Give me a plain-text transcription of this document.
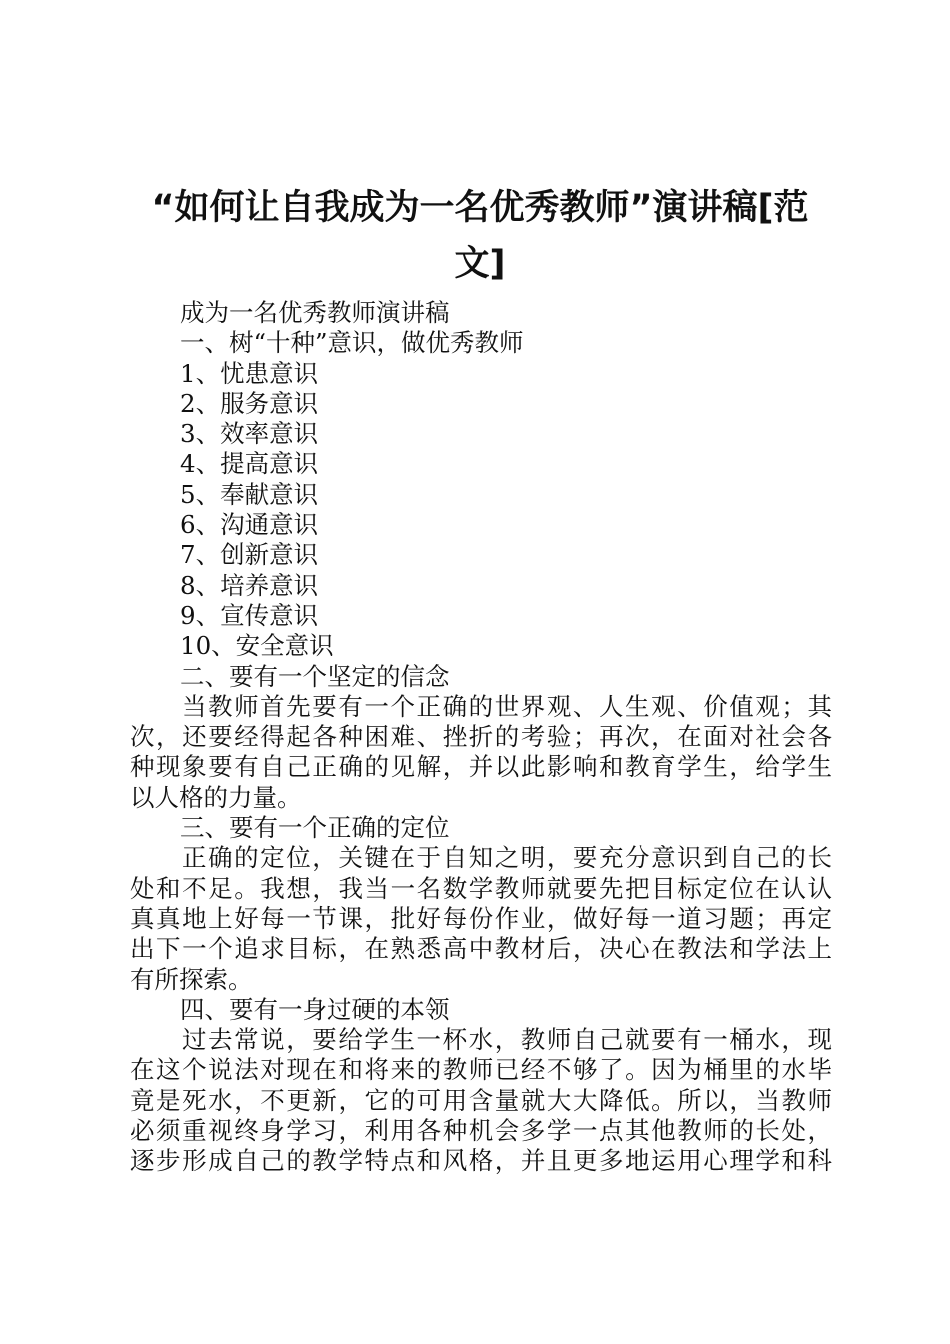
“如何让自我成为一名优秀教师”演讲稿[范
文]
成为一名优秀教师演讲稿
一、树“十种”意识，做优秀教师
1、忧患意识
2、服务意识
3、效率意识
4、提高意识
5、奉献意识
6、沟通意识
7、创新意识
8、培养意识
9、宣传意识
10、安全意识
二、要有一个坚定的信念
当教师首先要有一个正确的世界观、人生观、价值观；其
次，还要经得起各种困难、挫折的考验；再次，在面对社会各
种现象要有自己正确的见解，并以此影响和教育学生，给学生
以人格的力量。
三、要有一个正确的定位
正确的定位，关键在于自知之明，要充分意识到自己的长
处和不足。我想，我当一名数学教师就要先把目标定位在认认
真真地上好每一节课，批好每份作业，做好每一道习题；再定
出下一个追求目标，在熟悉高中教材后，决心在教法和学法上
有所探索。
四、要有一身过硬的本领
过去常说，要给学生一杯水，教师自己就要有一桶水，现
在这个说法对现在和将来的教师已经不够了。因为桶里的水毕
竟是死水，不更新，它的可用含量就大大降低。所以，当教师
必须重视终身学习，利用各种机会多学一点其他教师的长处，
逐步形成自己的教学特点和风格，并且更多地运用心理学和科
